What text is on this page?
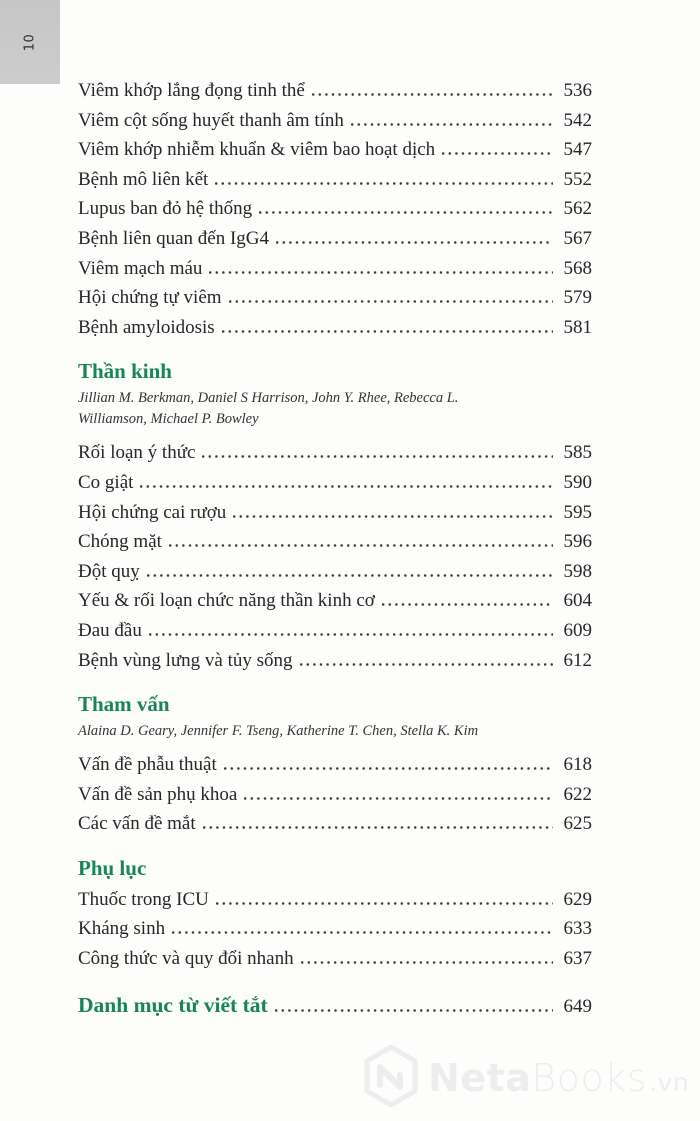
10
Viêm khớp lắng đọng tinh thể	536
Viêm cột sống huyết thanh âm tính	542
Viêm khớp nhiễm khuẩn & viêm bao hoạt dịch	547
Bệnh mô liên kết	552
Lupus ban đỏ hệ thống	562
Bệnh liên quan đến IgG4	567
Viêm mạch máu	568
Hội chứng tự viêm	579
Bệnh amyloidosis	581
Thần kinh

Jillian M. Berkman, Daniel S Harrison, John Y. Rhee, Rebecca L. Williamson, Michael P. Bowley

Rối loạn ý thức	585
Co giật	590
Hội chứng cai rượu	595
Chóng mặt	596
Đột quỵ	598
Yếu & rối loạn chức năng thần kinh cơ	604
Đau đầu	609
Bệnh vùng lưng và tủy sống	612
Tham vấn

Alaina D. Geary, Jennifer F. Tseng, Katherine T. Chen, Stella K. Kim

Vấn đề phẫu thuật	618
Vấn đề sản phụ khoa	622
Các vấn đề mắt	625
Phụ lục
Thuốc trong ICU	629
Kháng sinh	633
Công thức và quy đổi nhanh	637
Danh mục từ viết tắt	649
Neta Books .vn
